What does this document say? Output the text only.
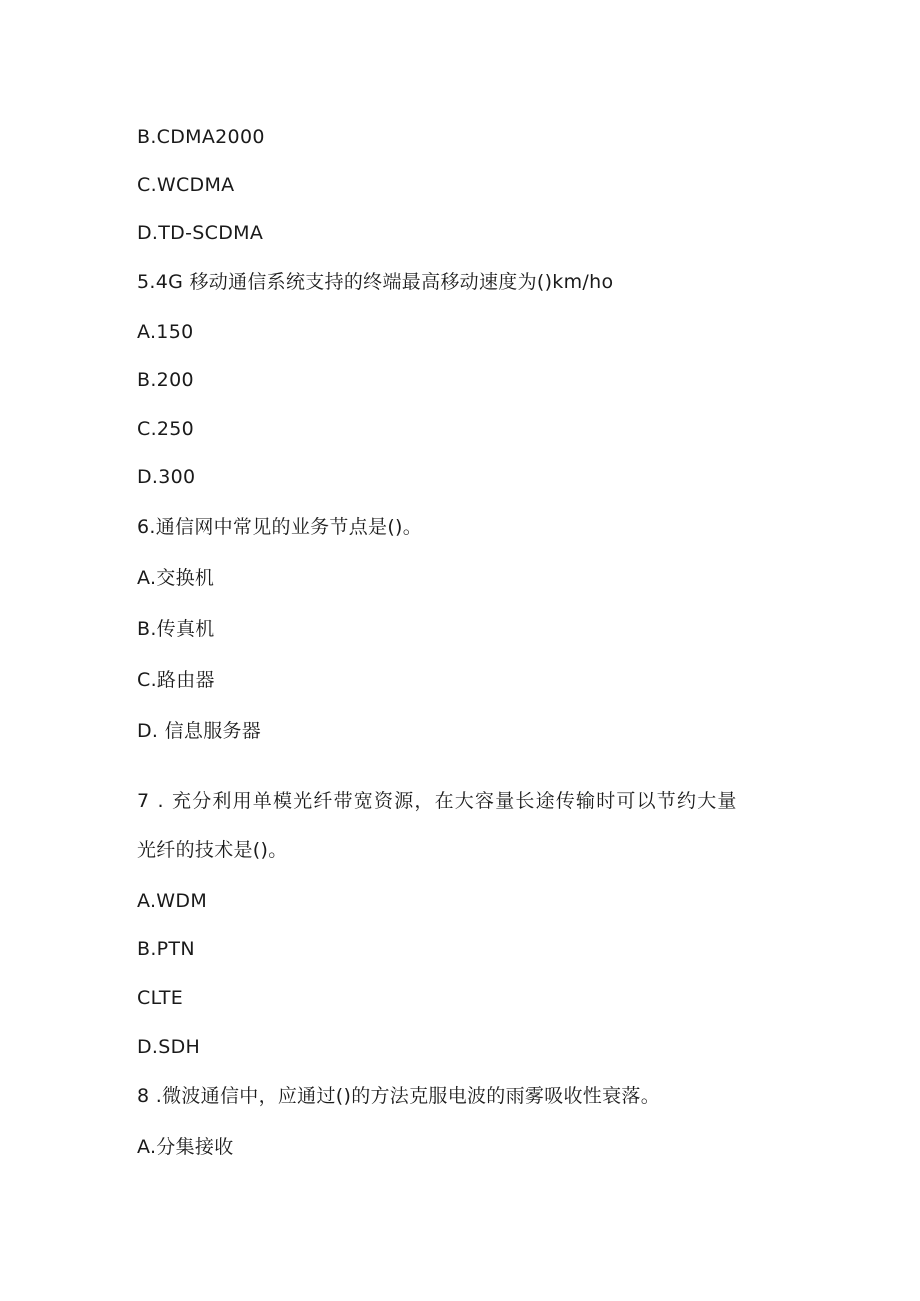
B.CDMA2000
C.WCDMA
D.TD-SCDMA
5.4G 移动通信系统支持的终端最高移动速度为()km/ho
A.150
B.200
C.250
D.300
6.通信网中常见的业务节点是()。
A.交换机
B.传真机
C.路由器
D. 信息服务器
7 . 充分利用单模光纤带宽资源，在大容量长途传输时可以节约大量
光纤的技术是()。
A.WDM
B.PTN
CLTE
D.SDH
8 .微波通信中，应通过()的方法克服电波的雨雾吸收性衰落。
A.分集接收
